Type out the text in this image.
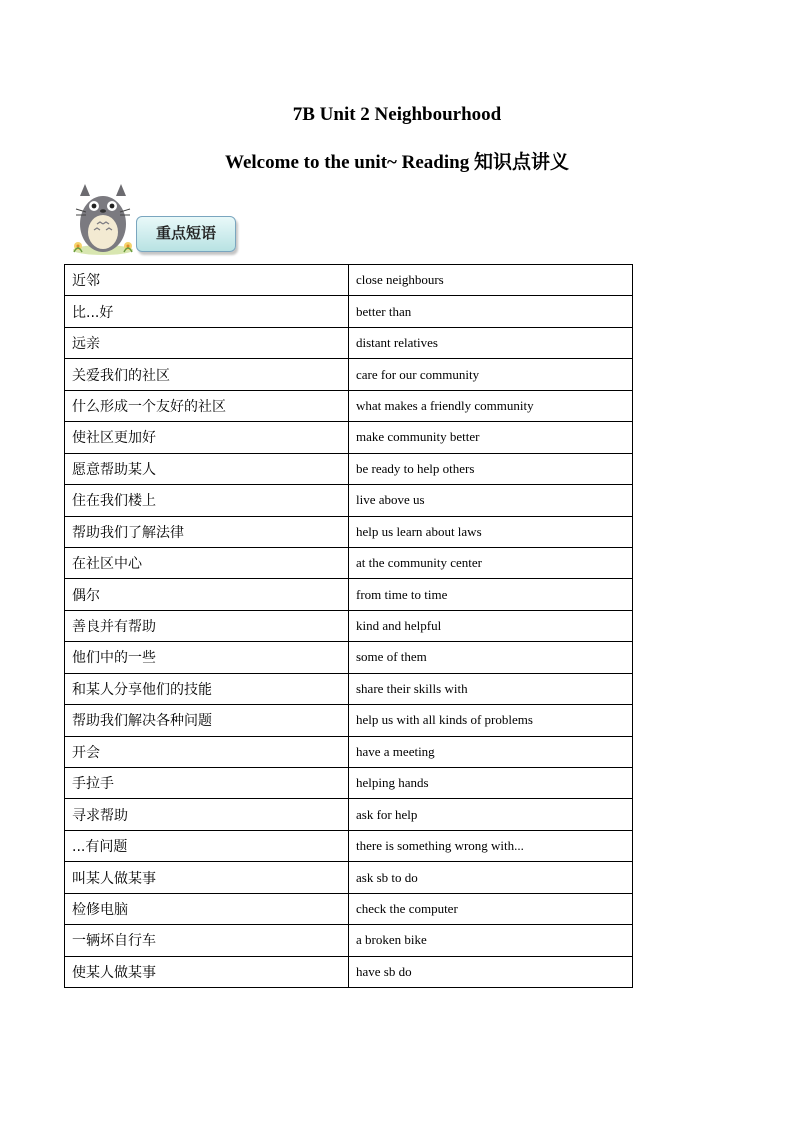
7B Unit 2 Neighbourhood
Welcome to the unit~ Reading 知识点讲义
重点短语
近邻	close neighbours
比...好	better than
远亲	distant relatives
关爱我们的社区	care for our community
什么形成一个友好的社区	what makes a friendly community
使社区更加好	make community better
愿意帮助某人	be ready to help others
住在我们楼上	live above us
帮助我们了解法律	help us learn about laws
在社区中心	at the community center
偶尔	from time to time
善良并有帮助	kind and helpful
他们中的一些	some of them
和某人分享他们的技能	share their skills with
帮助我们解决各种问题	help us with all kinds of problems
开会	have a meeting
手拉手	helping hands
寻求帮助	ask for help
...有问题	there is something wrong with...
叫某人做某事	ask sb to do
检修电脑	check the computer
一辆坏自行车	a broken bike
使某人做某事	have sb do
